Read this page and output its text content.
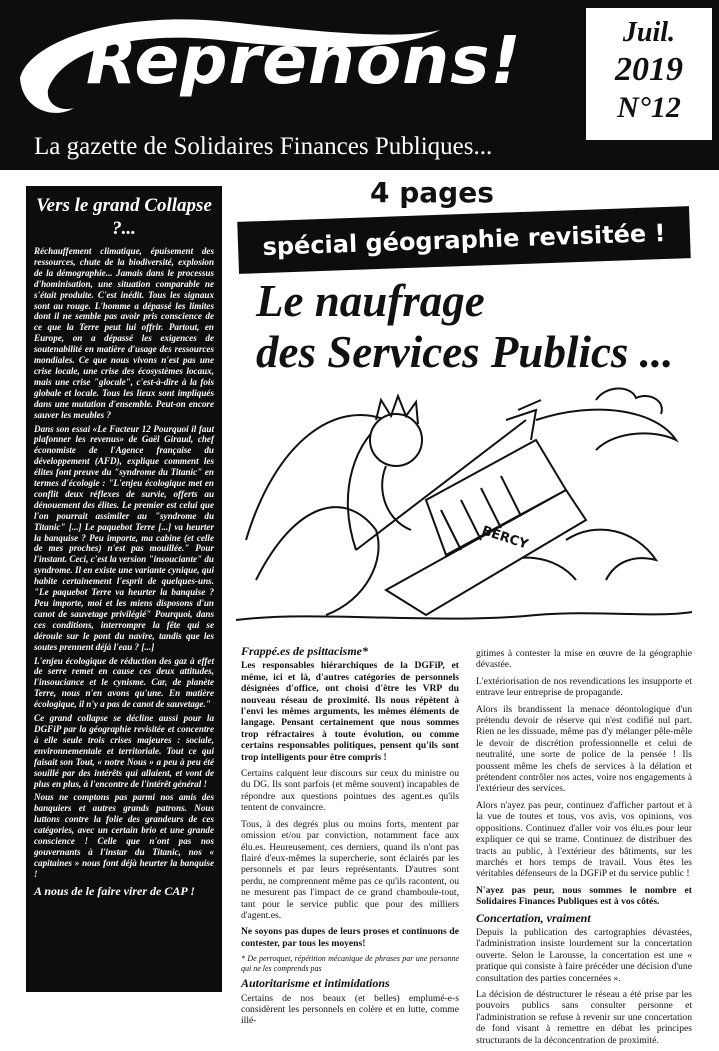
Reprenons!
La gazette de Solidaires Finances Publiques...
Juil.
2019
N°12
Vers le grand Collapse ?...

Réchauffement climatique, épuisement des ressources, chute de la biodiversité, explosion de la démographie... Jamais dans le processus d'hominisation, une situation comparable ne s'était produite. C'est inédit. Tous les signaux sont au rouge. L'homme a dépassé les limites dont il ne semble pas avoir pris conscience de ce que la Terre peut lui offrir. Partout, en Europe, on a dépassé les exigences de soutenabilité en matière d'usage des ressources mondiales. Ce que nous vivons n'est pas une crise locale, une crise des écosystèmes locaux, mais une crise "glocale", c'est-à-dire à la fois globale et locale. Tous les lieux sont impliqués dans une mutation d'ensemble. Peut-on encore sauver les meubles ?

Dans son essai «Le Facteur 12 Pourquoi il faut plafonner les revenus» de Gaël Giraud, chef économiste de l'Agence française du développement (AFD), explique comment les élites font preuve du "syndrome du Titanic" en termes d'écologie : "L'enjeu écologique met en conflit deux réflexes de survie, offerts au dénouement des élites. Le premier est celui que l'on pourrait assimiler au "syndrome du Titanic" [...] Le paquebot Terre [...] va heurter la banquise ? Peu importe, ma cabine (et celle de mes proches) n'est pas mouillée." Pour l'instant. Ceci, c'est la version "insouciante" du syndrome. Il en existe une variante cynique, qui habite certainement l'esprit de quelques-uns. "Le paquebot Terre va heurter la banquise ? Peu importe, moi et les miens disposons d'un canot de sauvetage privilégié" Pourquoi, dans ces conditions, interrompre la fête qui se déroule sur le pont du navire, tandis que les soutes prennent déjà l'eau ? [...]

L'enjeu écologique de réduction des gaz à effet de serre remet en cause ces deux attitudes, l'insouciance et le cynisme. Car, de planète Terre, nous n'en avons qu'une. En matière écologique, il n'y a pas de canot de sauvetage."

Ce grand collapse se décline aussi pour la DGFiP par la géographie revisitée et concentre à elle seule trois crises majeures : sociale, environnementale et territoriale. Tout ce qui faisait son Tout, « notre Nous » a peu à peu été souillé par des intérêts qui allaient, et vont de plus en plus, à l'encontre de l'intérêt général !

Nous ne comptons pas parmi nos amis des banquiers et autres grands patrons. Nous luttons contre la folie des grandeurs de ces catégories, avec un certain brio et une grande conscience ! Celle que n'ont pas nos gouvernants à l'instar du Titanic, nos « capitaines » nous font déjà heurter la banquise !

A nous de le faire virer de CAP !

4 pages
spécial géographie revisitée !
Le naufrage
des Services Publics ...
BERCY
Frappé.es de psittacisme*

Les responsables hiérarchiques de la DGFiP, et même, ici et là, d'autres catégories de personnels désignées d'office, ont choisi d'être les VRP du nouveau réseau de proximité. Ils nous répètent à l'envi les mêmes arguments, les mêmes éléments de langage. Pensant certainement que nous sommes trop réfractaires à toute évolution, ou comme certains responsables politiques, pensent qu'ils sont trop intelligents pour être compris !

Certains calquent leur discours sur ceux du ministre ou du DG. Ils sont parfois (et même souvent) incapables de répondre aux questions pointues des agent.es qu'ils tentent de convaincre.

Tous, à des degrés plus ou moins forts, mentent par omission et/ou par conviction, notamment face aux élu.es. Heureusement, ces derniers, quand ils n'ont pas flairé d'eux-mêmes la supercherie, sont éclairés par les personnels et par leurs représentants. D'autres sont perdu, ne comprennent même pas ce qu'ils racontent, ou ne mesurent pas l'impact de ce grand chamboule-tout, tant pour le service public que pour des milliers d'agent.es.

Ne soyons pas dupes de leurs proses et continuons de contester, par tous les moyens!

* De perroquet, répétition mécanique de phrases par une personne qui ne les comprends pas

Autoritarisme et intimidations

Certains de nos beaux (et belles) emplumé-e-s considèrent les personnels en colère et en lutte, comme illé-

gitimes à contester la mise en œuvre de la géographie dévastée.

L'extériorisation de nos revendications les insupporte et entrave leur entreprise de propagande.

Alors ils brandissent la menace déontologique d'un prétendu devoir de réserve qui n'est codifié nul part. Rien ne les dissuade, même pas d'y mélanger pêle-mêle le devoir de discrétion professionnelle et celui de neutralité, une sorte de police de la pensée ! Ils poussent même les chefs de services à la délation et prétendent contrôler nos actes, voire nos engagements à l'extérieur des services.

Alors n'ayez pas peur, continuez d'afficher partout et à la vue de toutes et tous, vos avis, vos opinions, vos oppositions. Continuez d'aller voir vos élu.es pour leur expliquer ce qui se trame. Continuez de distribuer des tracts au public, à l'extérieur des bâtiments, sur les marchés et hors temps de travail. Vous êtes les véritables défenseurs de la DGFiP et du service public !

N'ayez pas peur, nous sommes le nombre et Solidaires Finances Publiques est à vos côtés.

Concertation, vraiment

Depuis la publication des cartographies dévastées, l'administration insiste lourdement sur la concertation ouverte. Selon le Larousse, la concertation est une « pratique qui consiste à faire précéder une décision d'une consultation des parties concernées ».

La décision de déstructurer le réseau a été prise par les pouvoirs publics sans consulter personne et l'administration se refuse à revenir sur une concertation de fond visant à remettre en débat les principes structurants de la déconcentration de proximité.
